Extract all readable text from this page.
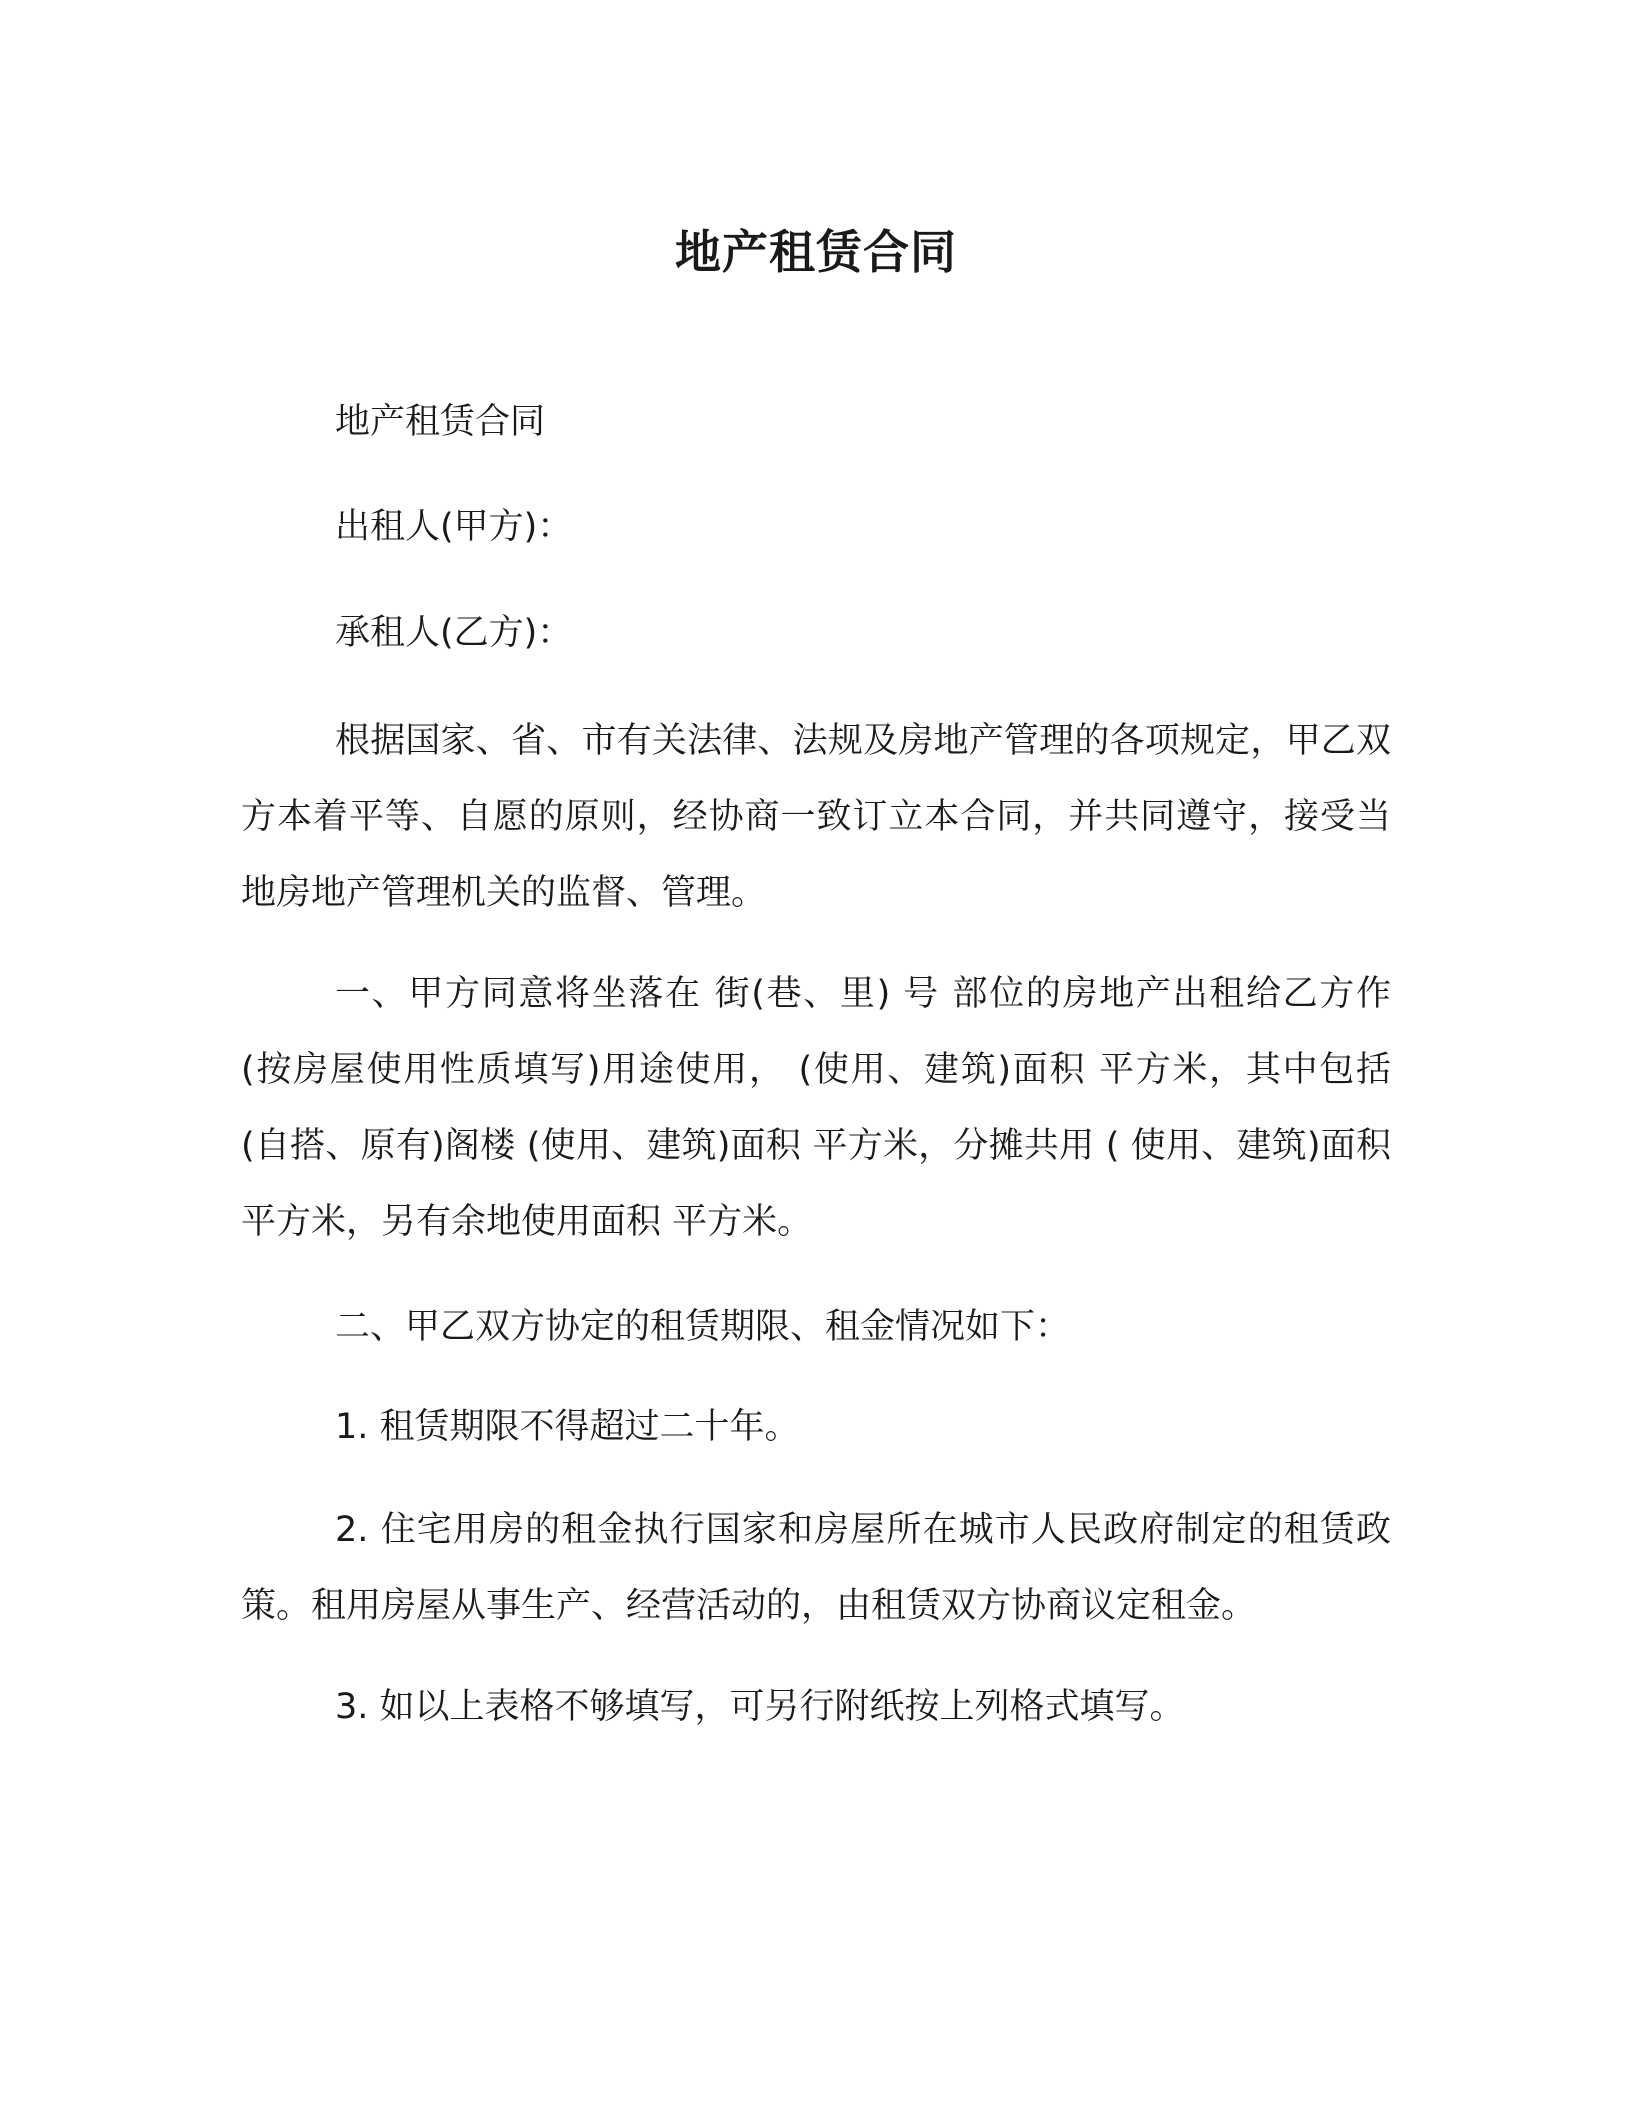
地产租赁合同

地产租赁合同

出租人(甲方)：

承租人(乙方)：

根据国家、省、市有关法律、法规及房地产管理的各项规定，甲乙双方本着平等、自愿的原则，经协商一致订立本合同，并共同遵守，接受当地房地产管理机关的监督、管理。

一、甲方同意将坐落在 街(巷、里) 号 部位的房地产出租给乙方作 (按房屋使用性质填写)用途使用， (使用、建筑)面积 平方米，其中包括 (自搭、原有)阁楼 (使用、建筑)面积 平方米，分摊共用 ( 使用、建筑)面积 平方米，另有余地使用面积 平方米。

二、甲乙双方协定的租赁期限、租金情况如下：

1. 租赁期限不得超过二十年。

2. 住宅用房的租金执行国家和房屋所在城市人民政府制定的租赁政策。租用房屋从事生产、经营活动的，由租赁双方协商议定租金。

3. 如以上表格不够填写，可另行附纸按上列格式填写。
